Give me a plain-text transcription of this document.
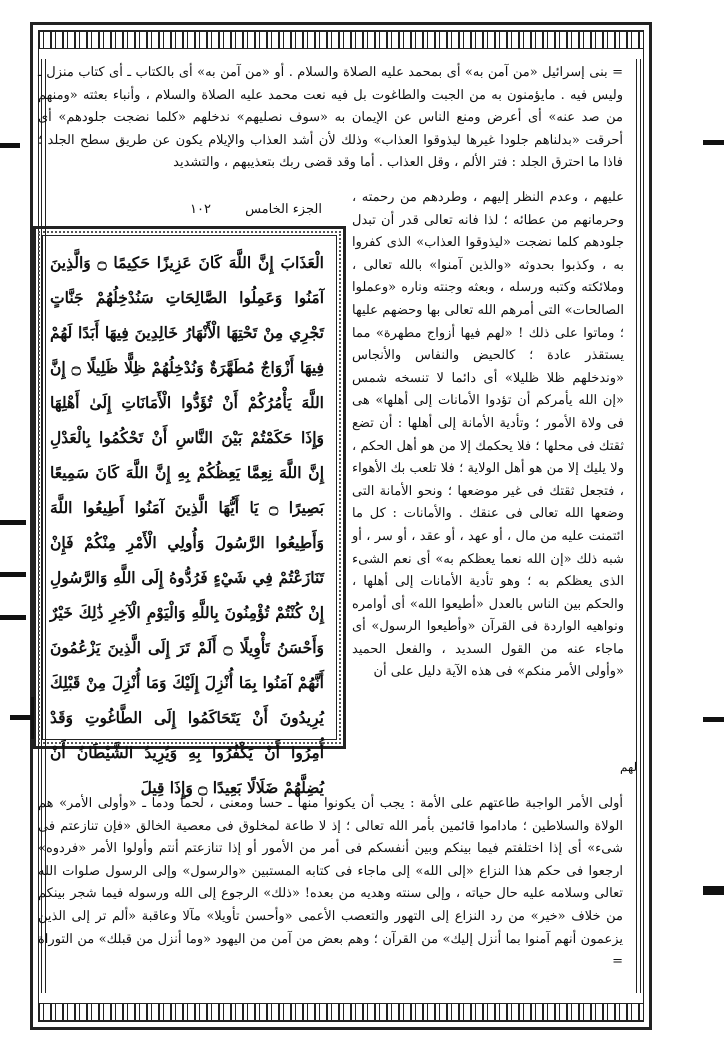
= بنى إسرائيل «من آمن به» أى بمحمد عليه الصلاة والسلام . أو «من آمن به» أى بالكتاب ـ أى كتاب منزل ـ وليس فيه . مايؤمنون به من الجبت والطاغوت بل فيه نعت محمد عليه الصلاة والسلام ، وأنباء بعثته «ومنهم من صد عنه» أى أعرض ومنع الناس عن الإيمان به «سوف نصليهم» ندخلهم «كلما نضجت جلودهم» أى أحرقت «بدلناهم جلودا غيرها ليذوقوا العذاب» وذلك لأن أشد العذاب والإيلام يكون عن طريق سطح الجلد ؛ فاذا ما احترق الجلد : فتر الألم ، وقل العذاب . أما وقد قضى ربك بتعذيبهم ، والتشديد

الجزء الخامس ١٠٢
الْعَذَابَ إِنَّ اللَّهَ كَانَ عَزِيزًا حَكِيمًا ۝ وَالَّذِينَ آمَنُوا وَعَمِلُوا الصَّالِحَاتِ سَنُدْخِلُهُمْ جَنَّاتٍ تَجْرِي مِنْ تَحْتِهَا الْأَنْهَارُ خَالِدِينَ فِيهَا أَبَدًا لَهُمْ فِيهَا أَزْوَاجٌ مُطَهَّرَةٌ وَنُدْخِلُهُمْ ظِلًّا ظَلِيلًا ۝ إِنَّ اللَّهَ يَأْمُرُكُمْ أَنْ تُؤَدُّوا الْأَمَانَاتِ إِلَىٰ أَهْلِهَا وَإِذَا حَكَمْتُمْ بَيْنَ النَّاسِ أَنْ تَحْكُمُوا بِالْعَدْلِ إِنَّ اللَّهَ نِعِمَّا يَعِظُكُمْ بِهِ إِنَّ اللَّهَ كَانَ سَمِيعًا بَصِيرًا ۝ يَا أَيُّهَا الَّذِينَ آمَنُوا أَطِيعُوا اللَّهَ وَأَطِيعُوا الرَّسُولَ وَأُولِي الْأَمْرِ مِنْكُمْ فَإِنْ تَنَازَعْتُمْ فِي شَيْءٍ فَرُدُّوهُ إِلَى اللَّهِ وَالرَّسُولِ إِنْ كُنْتُمْ تُؤْمِنُونَ بِاللَّهِ وَالْيَوْمِ الْآخِرِ ذَٰلِكَ خَيْرٌ وَأَحْسَنُ تَأْوِيلًا ۝ أَلَمْ تَرَ إِلَى الَّذِينَ يَزْعُمُونَ أَنَّهُمْ آمَنُوا بِمَا أُنْزِلَ إِلَيْكَ وَمَا أُنْزِلَ مِنْ قَبْلِكَ يُرِيدُونَ أَنْ يَتَحَاكَمُوا إِلَى الطَّاغُوتِ وَقَدْ أُمِرُوا أَنْ يَكْفُرُوا بِهِ وَيُرِيدُ الشَّيْطَانُ أَنْ يُضِلَّهُمْ ضَلَالًا بَعِيدًا ۝ وَإِذَا قِيلَ

عليهم ، وعدم النظر إليهم ، وطردهم من رحمته ، وحرمانهم من عطائه ؛ لذا فانه تعالى قدر أن تبدل جلودهم كلما نضجت «ليذوقوا العذاب» الذى كفروا به ، وكذبوا بحدوثه «والذين آمنوا» بالله تعالى ، وملائكته وكتبه ورسله ، وبعثه وجنته وناره «وعملوا الصالحات» التى أمرهم الله تعالى بها وحضهم عليها ؛ وماتوا على ذلك ! «لهم فيها أزواج مطهرة» مما يستقذر عادة ؛ كالحيض والنفاس والأنجاس «وندخلهم ظلا ظليلا» أى دائما لا تنسخه شمس «إن الله يأمركم أن تؤدوا الأمانات إلى أهلها» هى فى ولاة الأمور ؛ وتأدية الأمانة إلى أهلها : أن تضع ثقتك فى محلها ؛ فلا يحكمك إلا من هو أهل الحكم ، ولا يليك إلا من هو أهل الولاية ؛ فلا تلعب بك الأهواء ، فتجعل ثقتك فى غير موضعها ؛ ونحو الأمانة التى وضعها الله تعالى فى عنقك . والأمانات : كل ما ائتمنت عليه من مال ، أو عهد ، أو عقد ، أو سر ، أو شبه ذلك «إن الله نعما يعظكم به» أى نعم الشىء الذى يعظكم به ؛ وهو تأدية الأمانات إلى أهلها ، والحكم بين الناس بالعدل «أطيعوا الله» أى أوامره ونواهيه الواردة فى القرآن «وأطيعوا الرسول» أى ماجاء عنه من القول السديد ، والفعل الحميد «وأولى الأمر منكم» فى هذه الآية دليل على أن

أولى الأمر الواجبة طاعتهم على الأمة : يجب أن يكونوا منها ـ حسا ومعنى ، لحما ودما ـ «وأولى الأمر» هم الولاة والسلاطين ؛ ماداموا قائمين بأمر الله تعالى ؛ إذ لا طاعة لمخلوق فى معصية الخالق «فإن تنازعتم فى شىء» أى إذا اختلفتم فيما بينكم وبين أنفسكم فى أمر من الأمور أو إذا تنازعتم أنتم وأولوا الأمر «فردوه» ارجعوا فى حكم هذا النزاع «إلى الله» إلى ماجاء فى كتابه المستبين «والرسول» وإلى الرسول صلوات الله تعالى وسلامه عليه حال حياته ، وإلى سنته وهديه من بعده! «ذلك» الرجوع إلى الله ورسوله فيما شجر بينكم من خلاف «خير» من رد النزاع إلى التهور والتعصب الأعمى «وأحسن تأويلا» مآلا وعاقبة «ألم تر إلى الذين يزعمون أنهم آمنوا بما أنزل إليك» من القرآن ؛ وهم بعض من آمن من اليهود «وما أنزل من قبلك» من التوراة =

لهم
